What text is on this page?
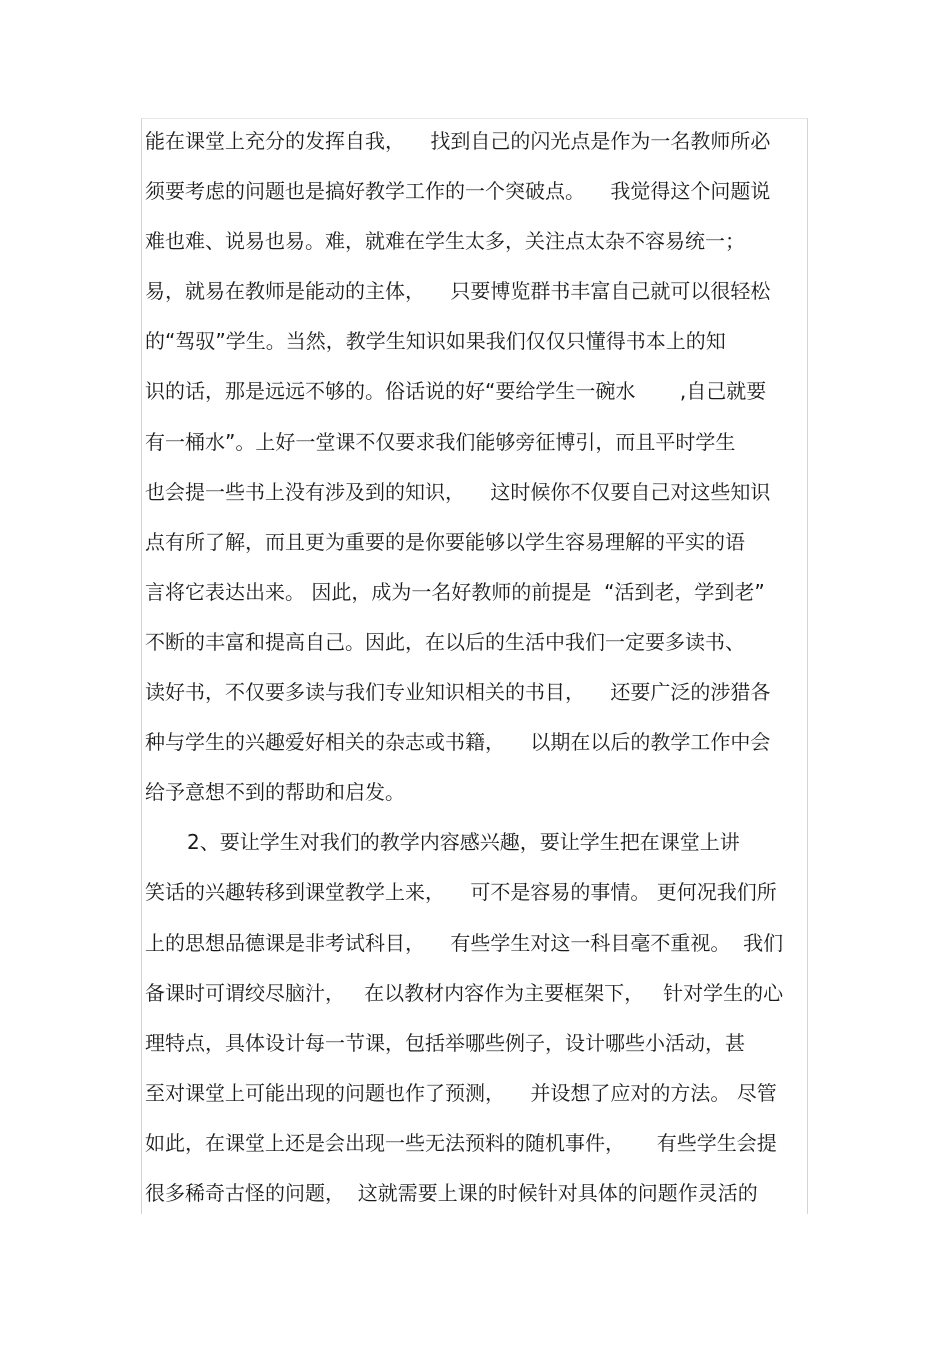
能在课堂上充分的发挥自我，    找到自己的闪光点是作为一名教师所必
须要考虑的问题也是搞好教学工作的一个突破点。    我觉得这个问题说
难也难、说易也易。难，就难在学生太多，关注点太杂不容易统一；
易，就易在教师是能动的主体，    只要博览群书丰富自己就可以很轻松
的“驾驭”学生。当然，教学生知识如果我们仅仅只懂得书本上的知
识的话，那是远远不够的。俗话说的好“要给学生一碗水       ,自己就要
有一桶水”。上好一堂课不仅要求我们能够旁征博引，而且平时学生
也会提一些书上没有涉及到的知识，    这时候你不仅要自己对这些知识
点有所了解，而且更为重要的是你要能够以学生容易理解的平实的语
言将它表达出来。 因此，成为一名好教师的前提是  “活到老，学到老”
不断的丰富和提高自己。因此，在以后的生活中我们一定要多读书、
读好书，不仅要多读与我们专业知识相关的书目，    还要广泛的涉猎各
种与学生的兴趣爱好相关的杂志或书籍，    以期在以后的教学工作中会
给予意想不到的帮助和启发。
2、要让学生对我们的教学内容感兴趣，要让学生把在课堂上讲
笑话的兴趣转移到课堂教学上来，    可不是容易的事情。 更何况我们所
上的思想品德课是非考试科目，    有些学生对这一科目毫不重视。  我们
备课时可谓绞尽脑汁，   在以教材内容作为主要框架下，   针对学生的心
理特点，具体设计每一节课，包括举哪些例子，设计哪些小活动，甚
至对课堂上可能出现的问题也作了预测，    并设想了应对的方法。 尽管
如此，在课堂上还是会出现一些无法预料的随机事件，     有些学生会提
很多稀奇古怪的问题，  这就需要上课的时候针对具体的问题作灵活的
